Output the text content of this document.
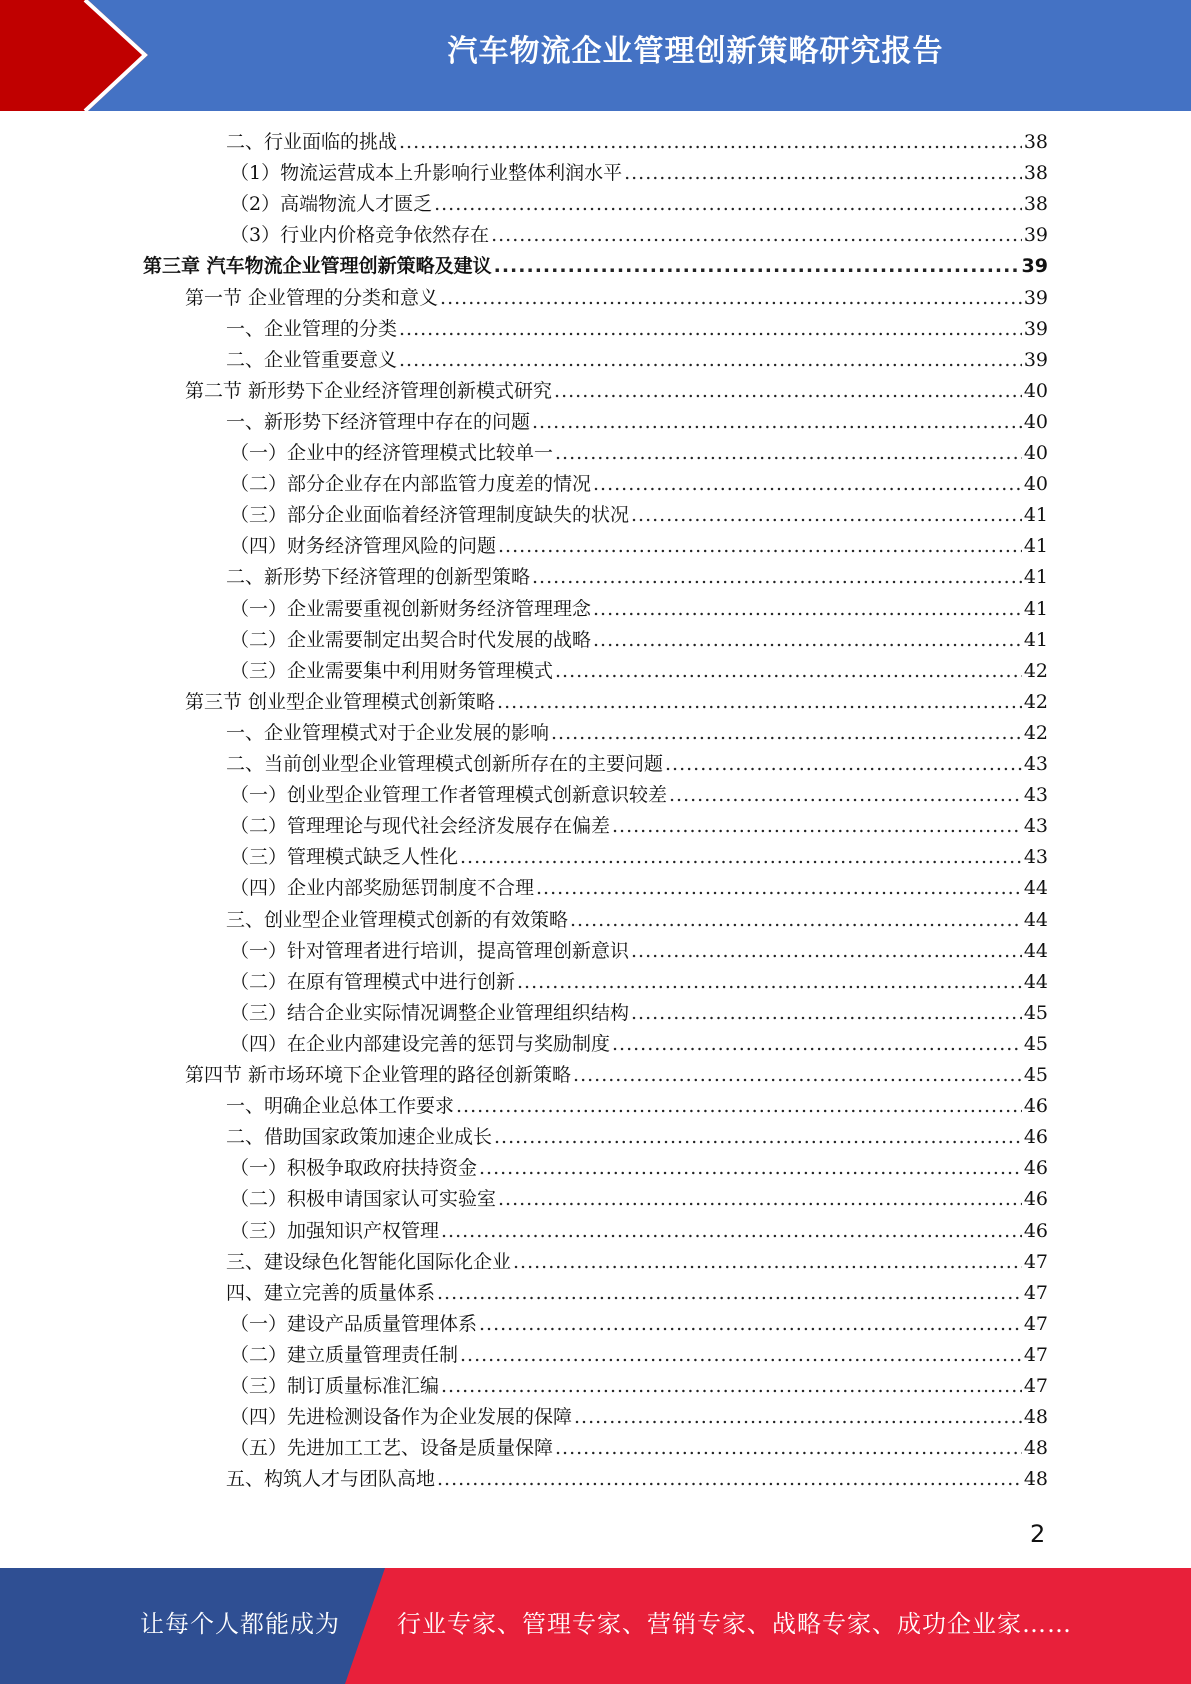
汽车物流企业管理创新策略研究报告
二、行业面临的挑战 .....	38
（1）物流运营成本上升影响行业整体利润水平 .....	38
（2）高端物流人才匮乏 .....	38
（3）行业内价格竞争依然存在 .....	39
第三章 汽车物流企业管理创新策略及建议 .....	39
第一节 企业管理的分类和意义 .....	39
一、企业管理的分类 .....	39
二、企业管重要意义 .....	39
第二节 新形势下企业经济管理创新模式研究 .....	40
一、新形势下经济管理中存在的问题 .....	40
（一）企业中的经济管理模式比较单一 .....	40
（二）部分企业存在内部监管力度差的情况 .....	40
（三）部分企业面临着经济管理制度缺失的状况 .....	41
（四）财务经济管理风险的问题 .....	41
二、新形势下经济管理的创新型策略 .....	41
（一）企业需要重视创新财务经济管理理念 .....	41
（二）企业需要制定出契合时代发展的战略 .....	41
（三）企业需要集中利用财务管理模式 .....	42
第三节 创业型企业管理模式创新策略 .....	42
一、企业管理模式对于企业发展的影响 .....	42
二、当前创业型企业管理模式创新所存在的主要问题 .....	43
（一）创业型企业管理工作者管理模式创新意识较差 .....	43
（二）管理理论与现代社会经济发展存在偏差 .....	43
（三）管理模式缺乏人性化 .....	43
（四）企业内部奖励惩罚制度不合理 .....	44
三、创业型企业管理模式创新的有效策略 .....	44
（一）针对管理者进行培训，提高管理创新意识 .....	44
（二）在原有管理模式中进行创新 .....	44
（三）结合企业实际情况调整企业管理组织结构 .....	45
（四）在企业内部建设完善的惩罚与奖励制度 .....	45
第四节 新市场环境下企业管理的路径创新策略 .....	45
一、明确企业总体工作要求 .....	46
二、借助国家政策加速企业成长 .....	46
（一）积极争取政府扶持资金 .....	46
（二）积极申请国家认可实验室 .....	46
（三）加强知识产权管理 .....	46
三、建设绿色化智能化国际化企业 .....	47
四、建立完善的质量体系 .....	47
（一）建设产品质量管理体系 .....	47
（二）建立质量管理责任制 .....	47
（三）制订质量标准汇编 .....	47
（四）先进检测设备作为企业发展的保障 .....	48
（五）先进加工工艺、设备是质量保障 .....	48
五、构筑人才与团队高地 .....	48
2
让每个人都能成为 行业专家、管理专家、营销专家、战略专家、成功企业家……
